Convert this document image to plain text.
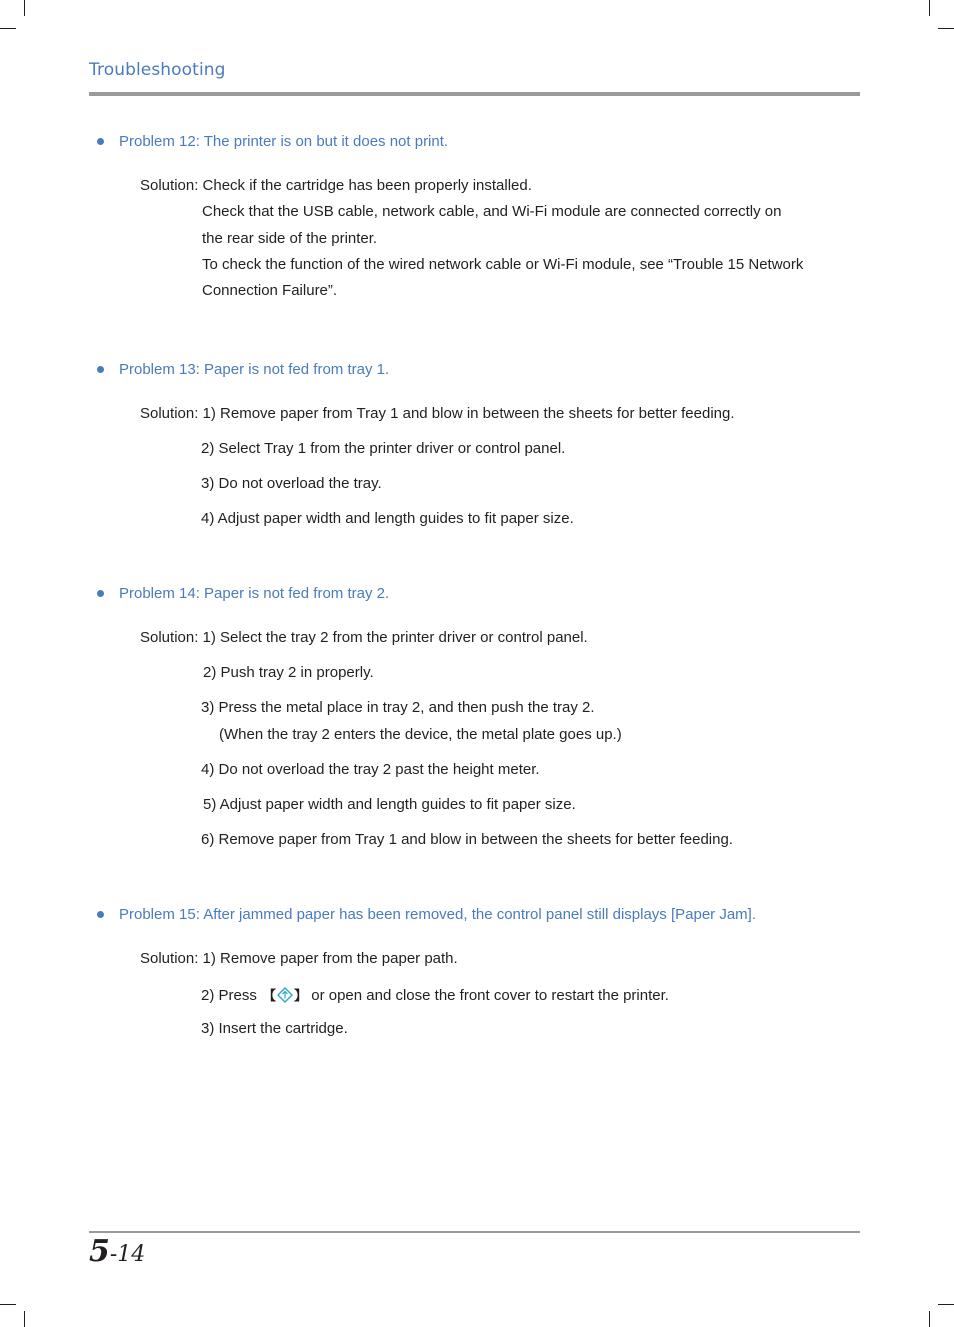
Troubleshooting
Problem 12: The printer is on but it does not print.
Solution: Check if the cartridge has been properly installed.
Check that the USB cable, network cable, and Wi-Fi module are connected correctly on
the rear side of the printer.
To check the function of the wired network cable or Wi-Fi module, see “Trouble 15 Network
Connection Failure”.
Problem 13: Paper is not fed from tray 1.
Solution: 1) Remove paper from Tray 1 and blow in between the sheets for better feeding.
2) Select Tray 1 from the printer driver or control panel.
3) Do not overload the tray.
4) Adjust paper width and length guides to fit paper size.
Problem 14: Paper is not fed from tray 2.
Solution: 1) Select the tray 2 from the printer driver or control panel.
2) Push tray 2 in properly.
3) Press the metal place in tray 2, and then push the tray 2.
(When the tray 2 enters the device, the metal plate goes up.)
4) Do not overload the tray 2 past the height meter.
5) Adjust paper width and length guides to fit paper size.
6) Remove paper from Tray 1 and blow in between the sheets for better feeding.
Problem 15: After jammed paper has been removed, the control panel still displays [Paper Jam].
Solution: 1) Remove paper from the paper path.
2) Press 【 】 or open and close the front cover to restart the printer.
3) Insert the cartridge.
5-14
